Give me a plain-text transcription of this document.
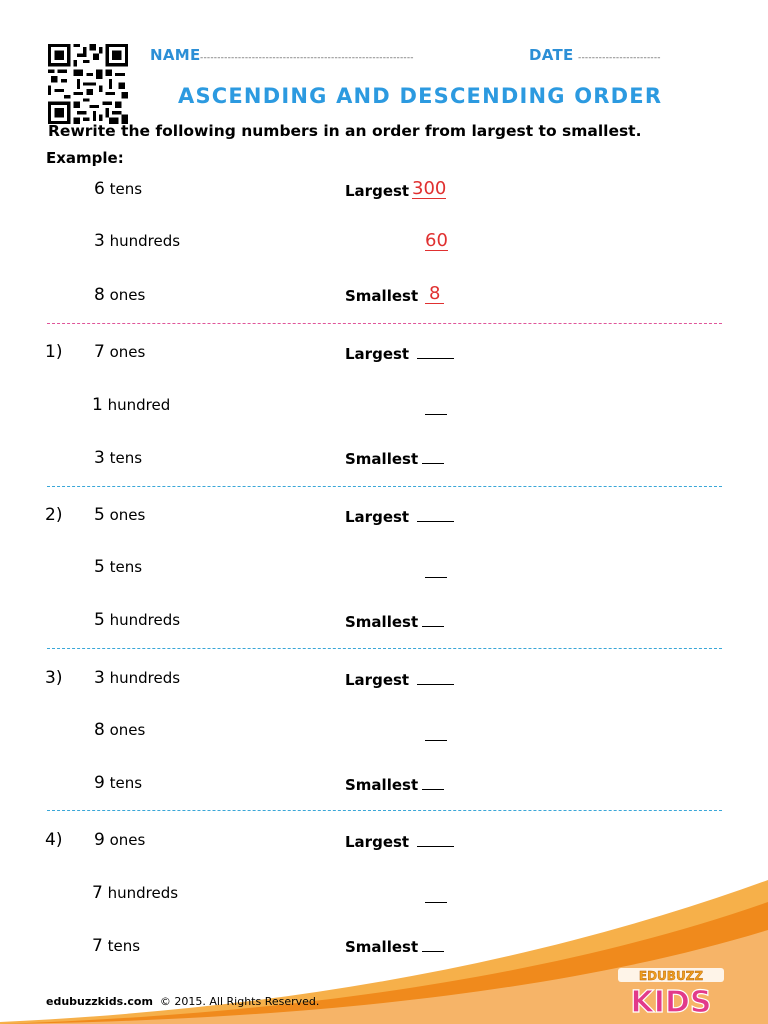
NAME --------------------------------------------------------------	DATE ------------------------
ASCENDING AND DESCENDING ORDER
Rewrite the following numbers in an order from largest to smallest.
Example:
6 tens
3 hundreds
8 ones
Largest 300
60
Smallest 8
1) 7 ones
1 hundred
3 tens
Largest
Smallest
2) 5 ones
5 tens
5 hundreds
Largest
Smallest
3) 3 hundreds
8 ones
9 tens
Largest
Smallest
4) 9 ones
7 hundreds
7 tens
Largest
Smallest
edubuzzkids.com © 2015. All Rights Reserved.
EDUBUZZ
KIDS
